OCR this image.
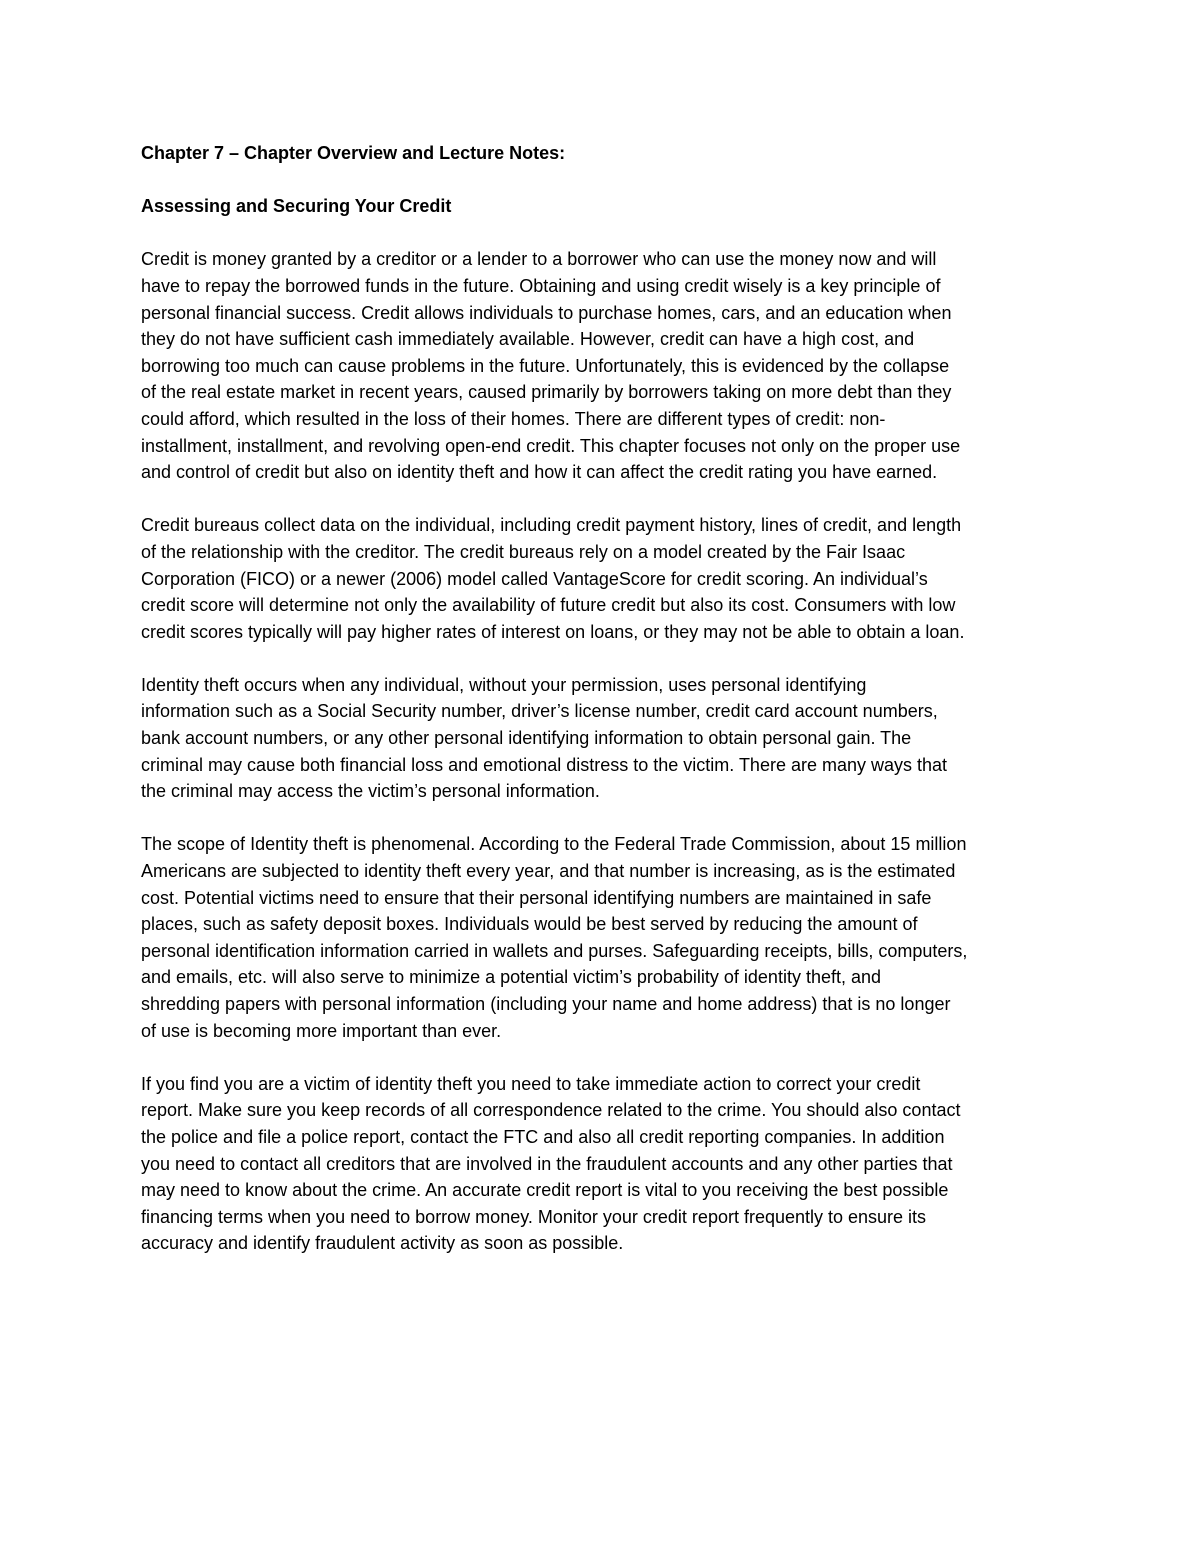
Chapter 7 – Chapter Overview and Lecture Notes:
Assessing and Securing Your Credit
Credit is money granted by a creditor or a lender to a borrower who can use the money now and will
have to repay the borrowed funds in the future. Obtaining and using credit wisely is a key principle of
personal financial success. Credit allows individuals to purchase homes, cars, and an education when
they do not have sufficient cash immediately available. However, credit can have a high cost, and
borrowing too much can cause problems in the future. Unfortunately, this is evidenced by the collapse
of the real estate market in recent years, caused primarily by borrowers taking on more debt than they
could afford, which resulted in the loss of their homes. There are different types of credit: non-
installment, installment, and revolving open-end credit. This chapter focuses not only on the proper use
and control of credit but also on identity theft and how it can affect the credit rating you have earned.
Credit bureaus collect data on the individual, including credit payment history, lines of credit, and length
of the relationship with the creditor. The credit bureaus rely on a model created by the Fair Isaac
Corporation (FICO) or a newer (2006) model called VantageScore for credit scoring. An individual’s
credit score will determine not only the availability of future credit but also its cost. Consumers with low
credit scores typically will pay higher rates of interest on loans, or they may not be able to obtain a loan.
Identity theft occurs when any individual, without your permission, uses personal identifying
information such as a Social Security number, driver’s license number, credit card account numbers,
bank account numbers, or any other personal identifying information to obtain personal gain. The
criminal may cause both financial loss and emotional distress to the victim. There are many ways that
the criminal may access the victim’s personal information.
The scope of Identity theft is phenomenal. According to the Federal Trade Commission, about 15 million
Americans are subjected to identity theft every year, and that number is increasing, as is the estimated
cost. Potential victims need to ensure that their personal identifying numbers are maintained in safe
places, such as safety deposit boxes. Individuals would be best served by reducing the amount of
personal identification information carried in wallets and purses. Safeguarding receipts, bills, computers,
and emails, etc. will also serve to minimize a potential victim’s probability of identity theft, and
shredding papers with personal information (including your name and home address) that is no longer
of use is becoming more important than ever.
If you find you are a victim of identity theft you need to take immediate action to correct your credit
report. Make sure you keep records of all correspondence related to the crime. You should also contact
the police and file a police report, contact the FTC and also all credit reporting companies. In addition
you need to contact all creditors that are involved in the fraudulent accounts and any other parties that
may need to know about the crime. An accurate credit report is vital to you receiving the best possible
financing terms when you need to borrow money. Monitor your credit report frequently to ensure its
accuracy and identify fraudulent activity as soon as possible.
